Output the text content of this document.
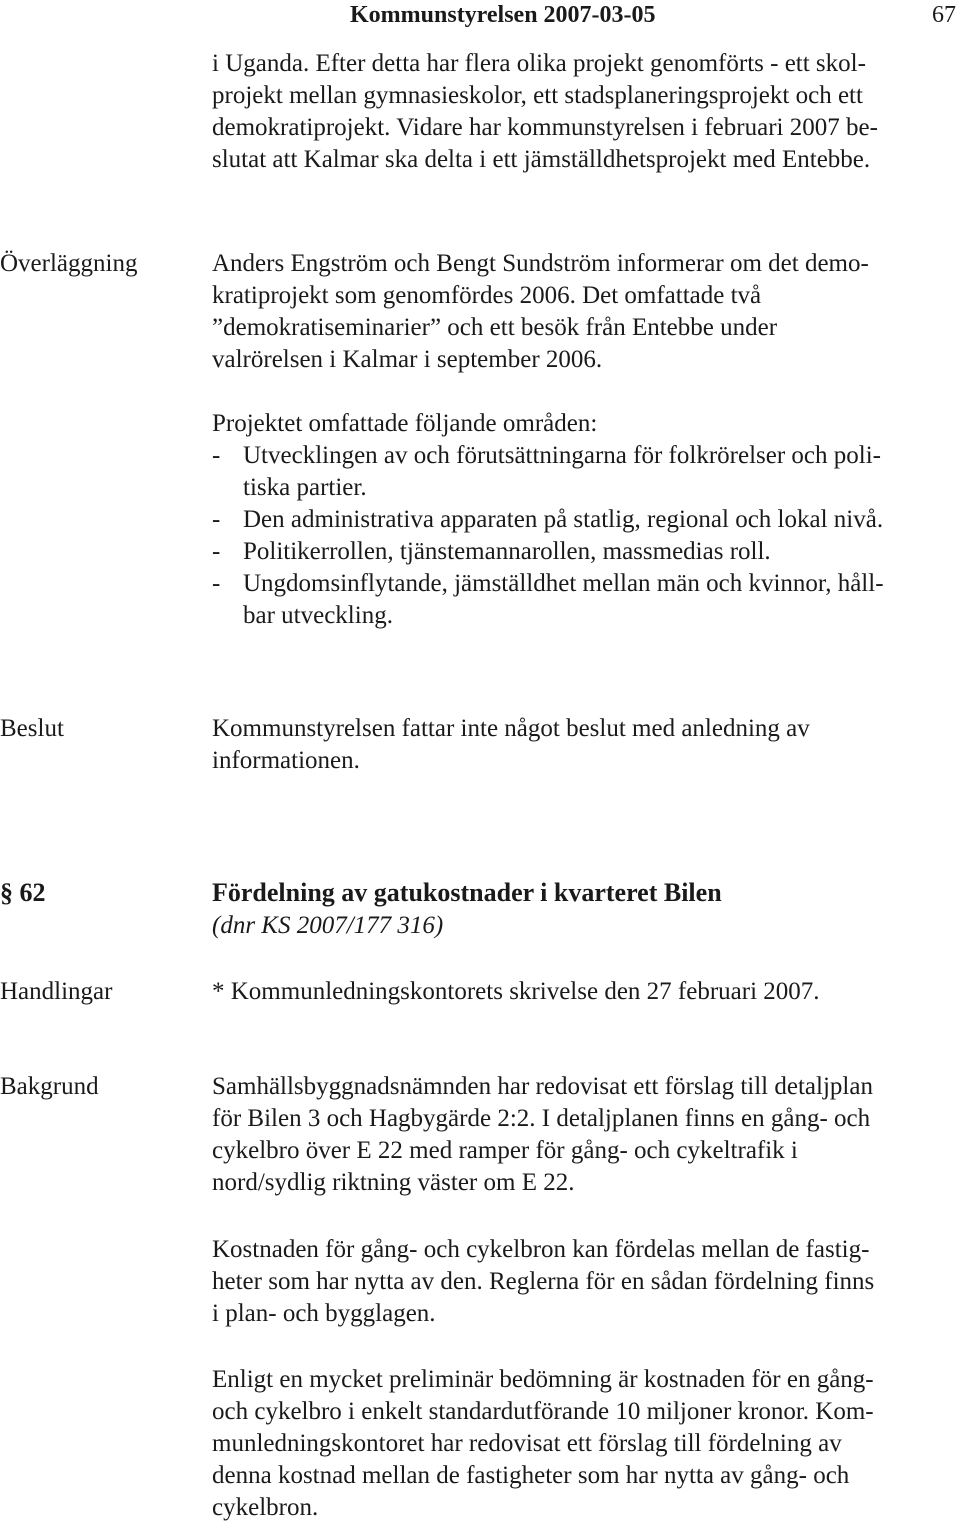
Kommunstyrelsen 2007-03-05	67
i Uganda. Efter detta har flera olika projekt genomförts - ett skol-
projekt mellan gymnasieskolor, ett stadsplaneringsprojekt och ett
demokratiprojekt. Vidare har kommunstyrelsen i februari 2007 be-
slutat att Kalmar ska delta i ett jämställdhetsprojekt med Entebbe.
Överläggning	Anders Engström och Bengt Sundström informerar om det demo-
kratiprojekt som genomfördes 2006. Det omfattade två
”demokratiseminarier” och ett besök från Entebbe under
valrörelsen i Kalmar i september 2006.
Projektet omfattade följande områden:
- Utvecklingen av och förutsättningarna för folkrörelser och poli-
tiska partier.
- Den administrativa apparaten på statlig, regional och lokal nivå.
- Politikerrollen, tjänstemannarollen, massmedias roll.
- Ungdomsinflytande, jämställdhet mellan män och kvinnor, håll-
bar utveckling.
Beslut	Kommunstyrelsen fattar inte något beslut med anledning av
informationen.
§ 62	Fördelning av gatukostnader i kvarteret Bilen
(dnr KS 2007/177 316)
Handlingar	* Kommunledningskontorets skrivelse den 27 februari 2007.
Bakgrund	Samhällsbyggnadsnämnden har redovisat ett förslag till detaljplan
för Bilen 3 och Hagbygärde 2:2. I detaljplanen finns en gång- och
cykelbro över E 22 med ramper för gång- och cykeltrafik i
nord/sydlig riktning väster om E 22.
Kostnaden för gång- och cykelbron kan fördelas mellan de fastig-
heter som har nytta av den. Reglerna för en sådan fördelning finns
i plan- och bygglagen.
Enligt en mycket preliminär bedömning är kostnaden för en gång-
och cykelbro i enkelt standardutförande 10 miljoner kronor. Kom-
munledningskontoret har redovisat ett förslag till fördelning av
denna kostnad mellan de fastigheter som har nytta av gång- och
cykelbron.
